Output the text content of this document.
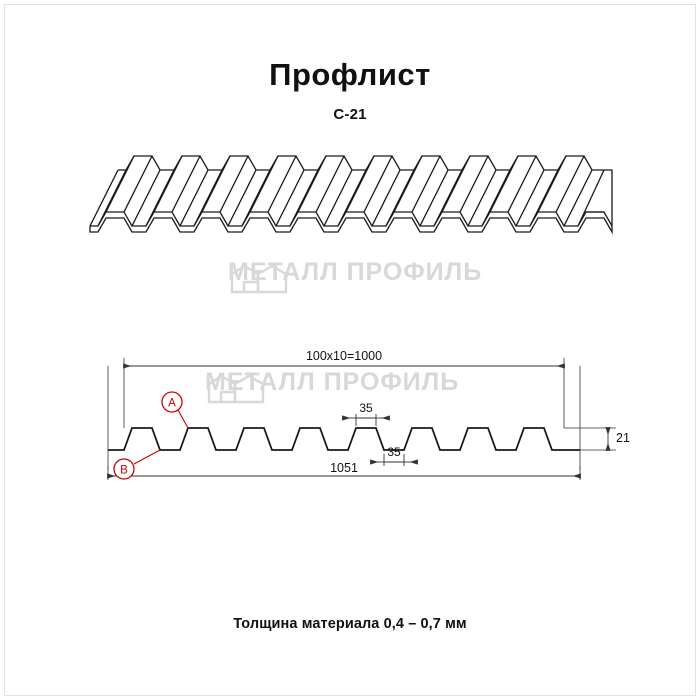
Профлист
С-21
МЕТАЛЛ ПРОФИЛЬ
МЕТАЛЛ ПРОФИЛЬ
100x10=1000
1051
21
35
35
A
B
Толщина материала 0,4 – 0,7 мм
